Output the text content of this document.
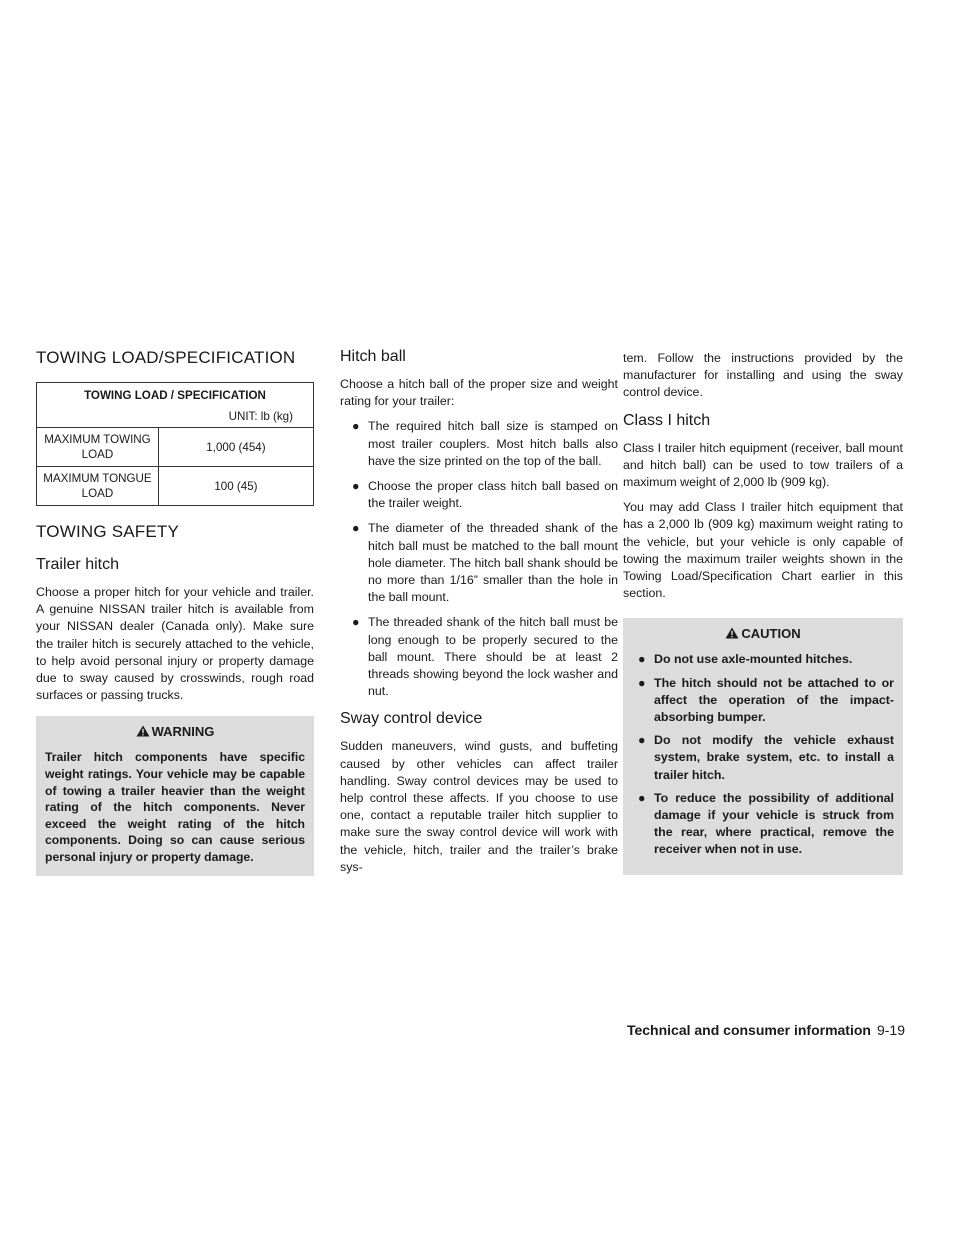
TOWING LOAD/SPECIFICATION
TOWING LOAD / SPECIFICATION	
UNIT: lb (kg)	
MAXIMUM TOWING LOAD	1,000 (454)
MAXIMUM TONGUE LOAD	100 (45)
TOWING SAFETY
Trailer hitch

Choose a proper hitch for your vehicle and trailer. A genuine NISSAN trailer hitch is available from your NISSAN dealer (Canada only). Make sure the trailer hitch is securely attached to the vehicle, to help avoid personal injury or property damage due to sway caused by crosswinds, rough road surfaces or passing trucks.

WARNING

Trailer hitch components have specific weight ratings. Your vehicle may be capable of towing a trailer heavier than the weight rating of the hitch components. Never exceed the weight rating of the hitch components. Doing so can cause serious personal injury or property damage.

Hitch ball

Choose a hitch ball of the proper size and weight rating for your trailer:

● The required hitch ball size is stamped on most trailer couplers. Most hitch balls also have the size printed on the top of the ball.
● Choose the proper class hitch ball based on the trailer weight.
● The diameter of the threaded shank of the hitch ball must be matched to the ball mount hole diameter. The hitch ball shank should be no more than 1/16” smaller than the hole in the ball mount.
● The threaded shank of the hitch ball must be long enough to be properly secured to the ball mount. There should be at least 2 threads showing beyond the lock washer and nut.
Sway control device

Sudden maneuvers, wind gusts, and buffeting caused by other vehicles can affect trailer handling. Sway control devices may be used to help control these affects. If you choose to use one, contact a reputable trailer hitch supplier to make sure the sway control device will work with the vehicle, hitch, trailer and the trailer’s brake sys-

tem. Follow the instructions provided by the manufacturer for installing and using the sway control device.

Class I hitch

Class I trailer hitch equipment (receiver, ball mount and hitch ball) can be used to tow trailers of a maximum weight of 2,000 lb (909 kg).

You may add Class I trailer hitch equipment that has a 2,000 lb (909 kg) maximum weight rating to the vehicle, but your vehicle is only capable of towing the maximum trailer weights shown in the Towing Load/Specification Chart earlier in this section.

CAUTION
● Do not use axle-mounted hitches.
● The hitch should not be attached to or affect the operation of the impact-absorbing bumper.
● Do not modify the vehicle exhaust system, brake system, etc. to install a trailer hitch.
● To reduce the possibility of additional damage if your vehicle is struck from the rear, where practical, remove the receiver when not in use.
Technical and consumer information 9-19
